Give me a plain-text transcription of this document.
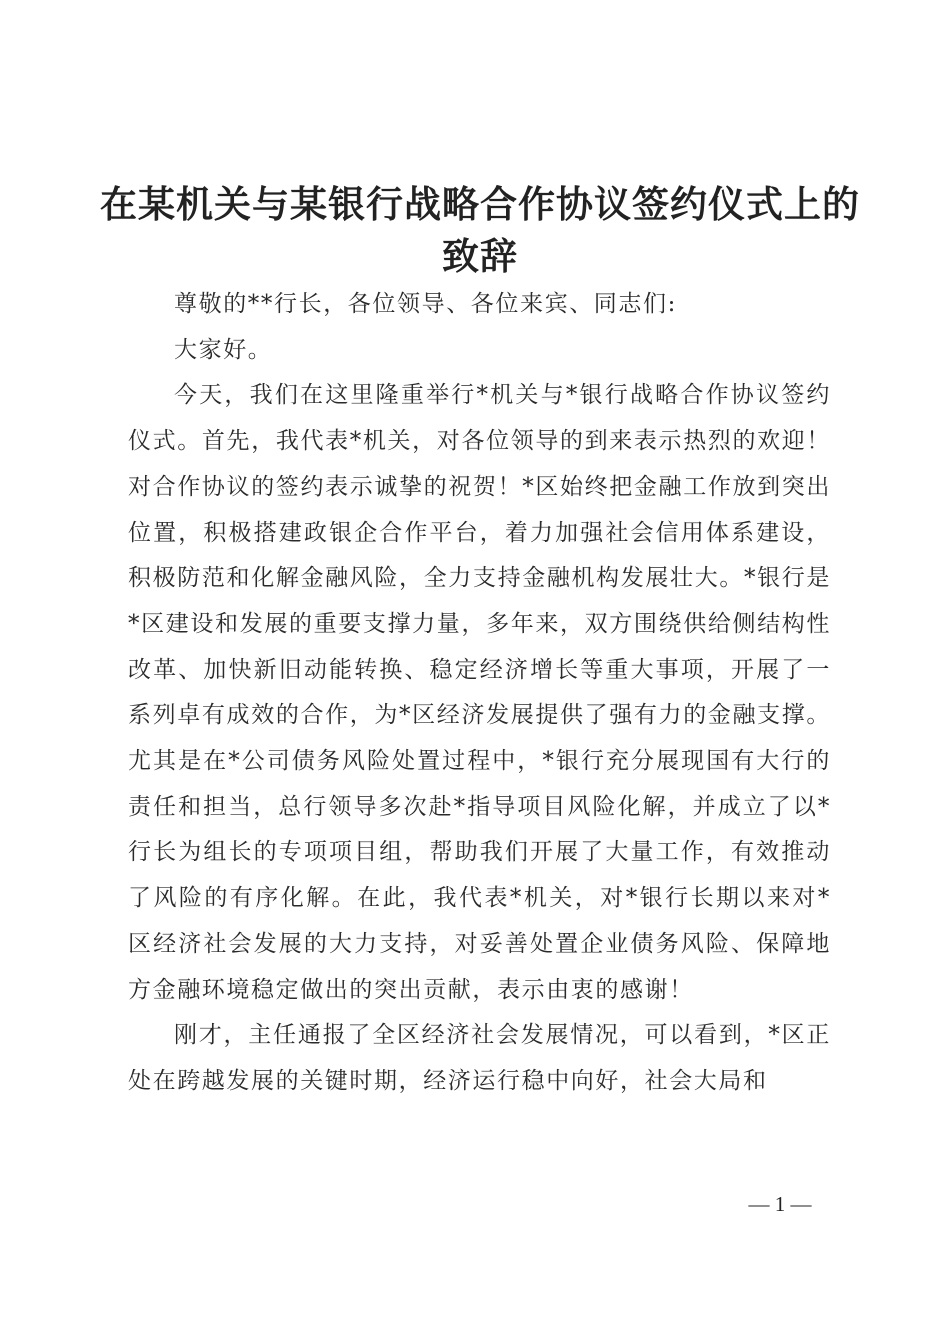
在某机关与某银行战略合作协议签约仪式上的
致辞

尊敬的**行长，各位领导、各位来宾、同志们:

大家好。

今天，我们在这里隆重举行*机关与*银行战略合作协议签约仪式。首先，我代表*机关，对各位领导的到来表示热烈的欢迎！对合作协议的签约表示诚挚的祝贺！*区始终把金融工作放到突出位置，积极搭建政银企合作平台，着力加强社会信用体系建设，积极防范和化解金融风险，全力支持金融机构发展壮大。*银行是*区建设和发展的重要支撑力量，多年来，双方围绕供给侧结构性改革、加快新旧动能转换、稳定经济增长等重大事项，开展了一系列卓有成效的合作，为*区经济发展提供了强有力的金融支撑。尤其是在*公司债务风险处置过程中，*银行充分展现国有大行的责任和担当，总行领导多次赴*指导项目风险化解，并成立了以*行长为组长的专项项目组，帮助我们开展了大量工作，有效推动了风险的有序化解。在此，我代表*机关，对*银行长期以来对*区经济社会发展的大力支持，对妥善处置企业债务风险、保障地方金融环境稳定做出的突出贡献，表示由衷的感谢！

刚才，主任通报了全区经济社会发展情况，可以看到，*区正处在跨越发展的关键时期，经济运行稳中向好，社会大局和

— 1 —
